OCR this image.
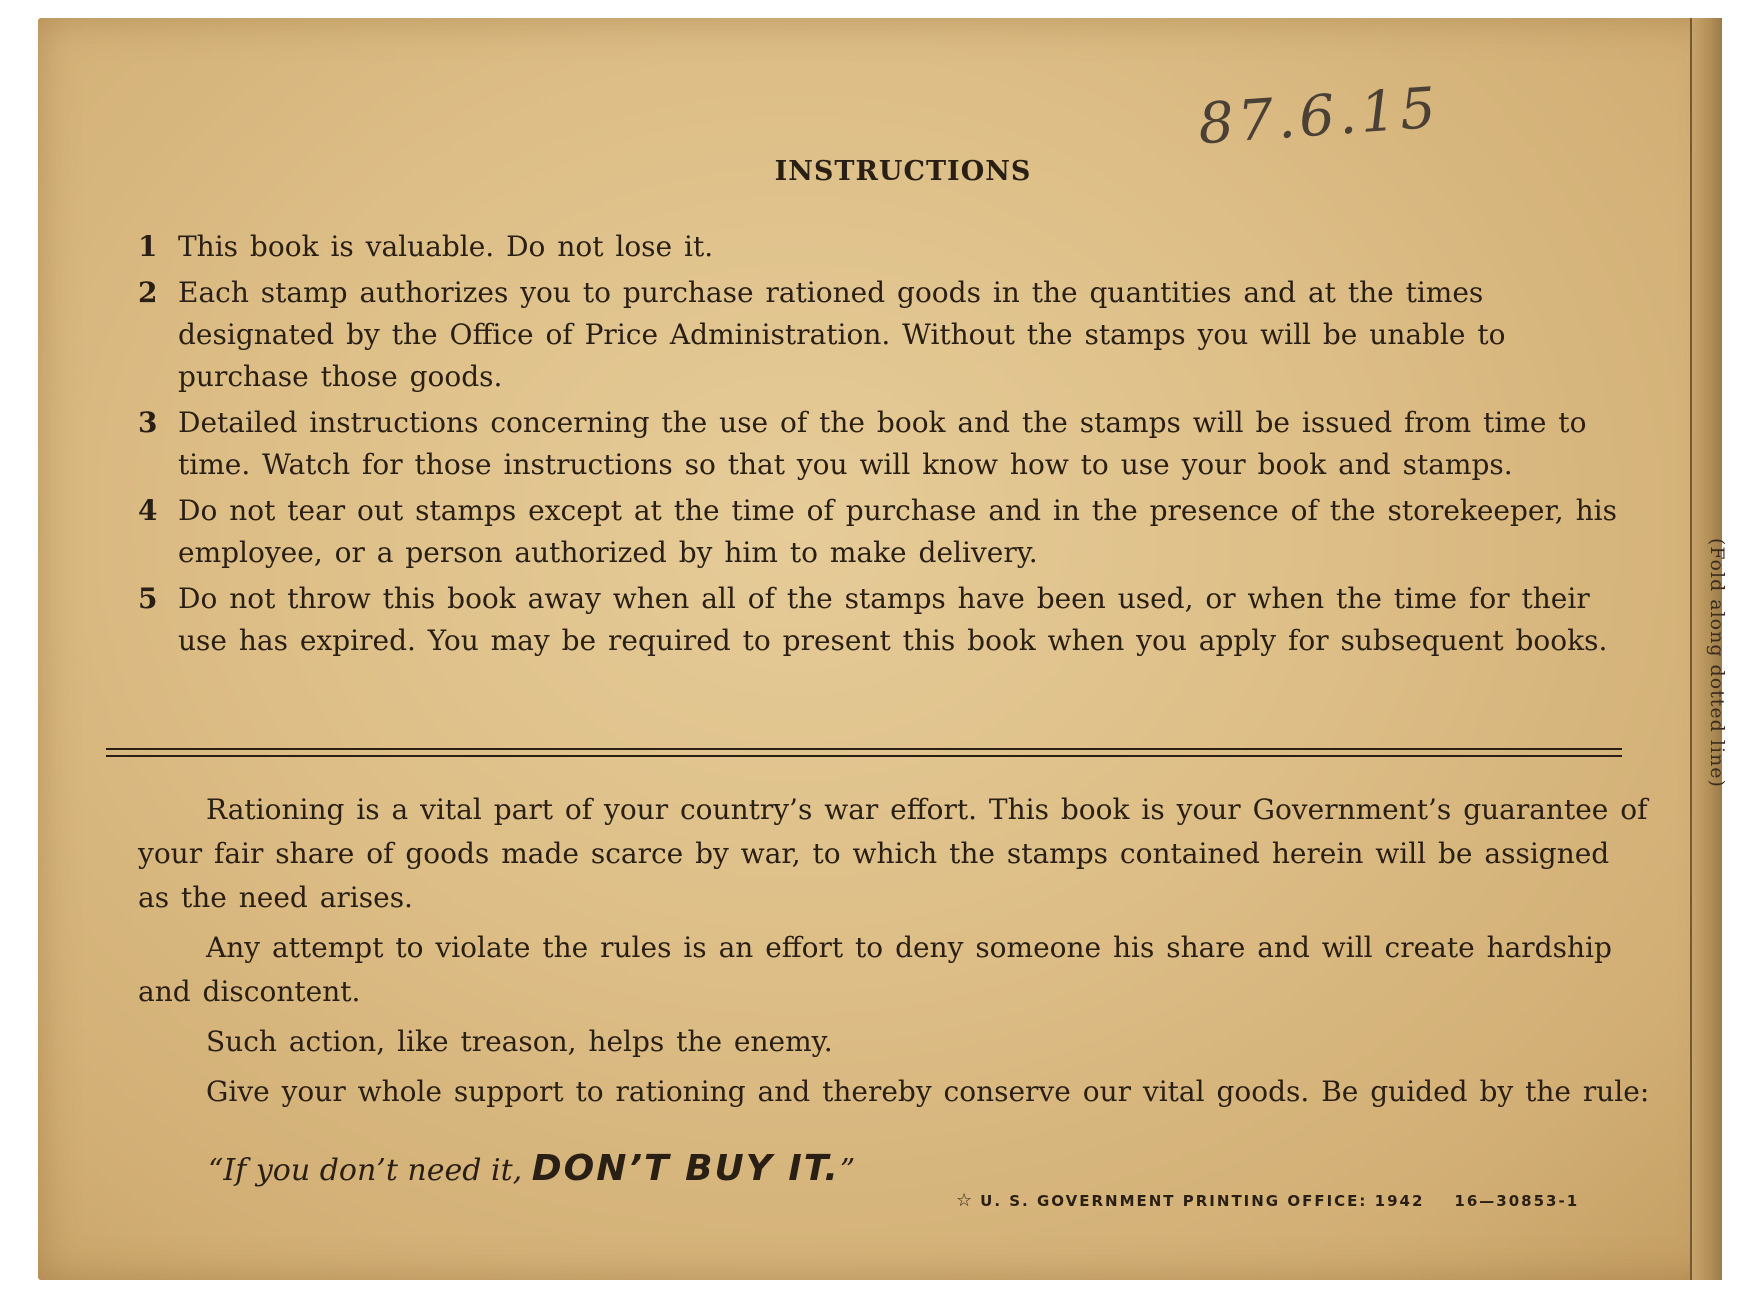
87.6.15
INSTRUCTIONS
1 This book is valuable. Do not lose it.
2 Each stamp authorizes you to purchase rationed goods in the quantities and at the times designated by the Office of Price Administration. Without the stamps you will be unable to purchase those goods.
3 Detailed instructions concerning the use of the book and the stamps will be issued from time to time. Watch for those instructions so that you will know how to use your book and stamps.
4 Do not tear out stamps except at the time of purchase and in the presence of the storekeeper, his employee, or a person authorized by him to make delivery.
5 Do not throw this book away when all of the stamps have been used, or when the time for their use has expired. You may be required to present this book when you apply for subsequent books.

Rationing is a vital part of your country’s war effort. This book is your Government’s guarantee of your fair share of goods made scarce by war, to which the stamps contained herein will be assigned as the need arises.

Any attempt to violate the rules is an effort to deny someone his share and will create hardship and discontent.

Such action, like treason, helps the enemy.

Give your whole support to rationing and thereby conserve our vital goods. Be guided by the rule:

“If you don’t need it, DON’T BUY IT.”
☆ U. S. GOVERNMENT PRINTING OFFICE: 1942 16—30853-1
(Fold along dotted line)
